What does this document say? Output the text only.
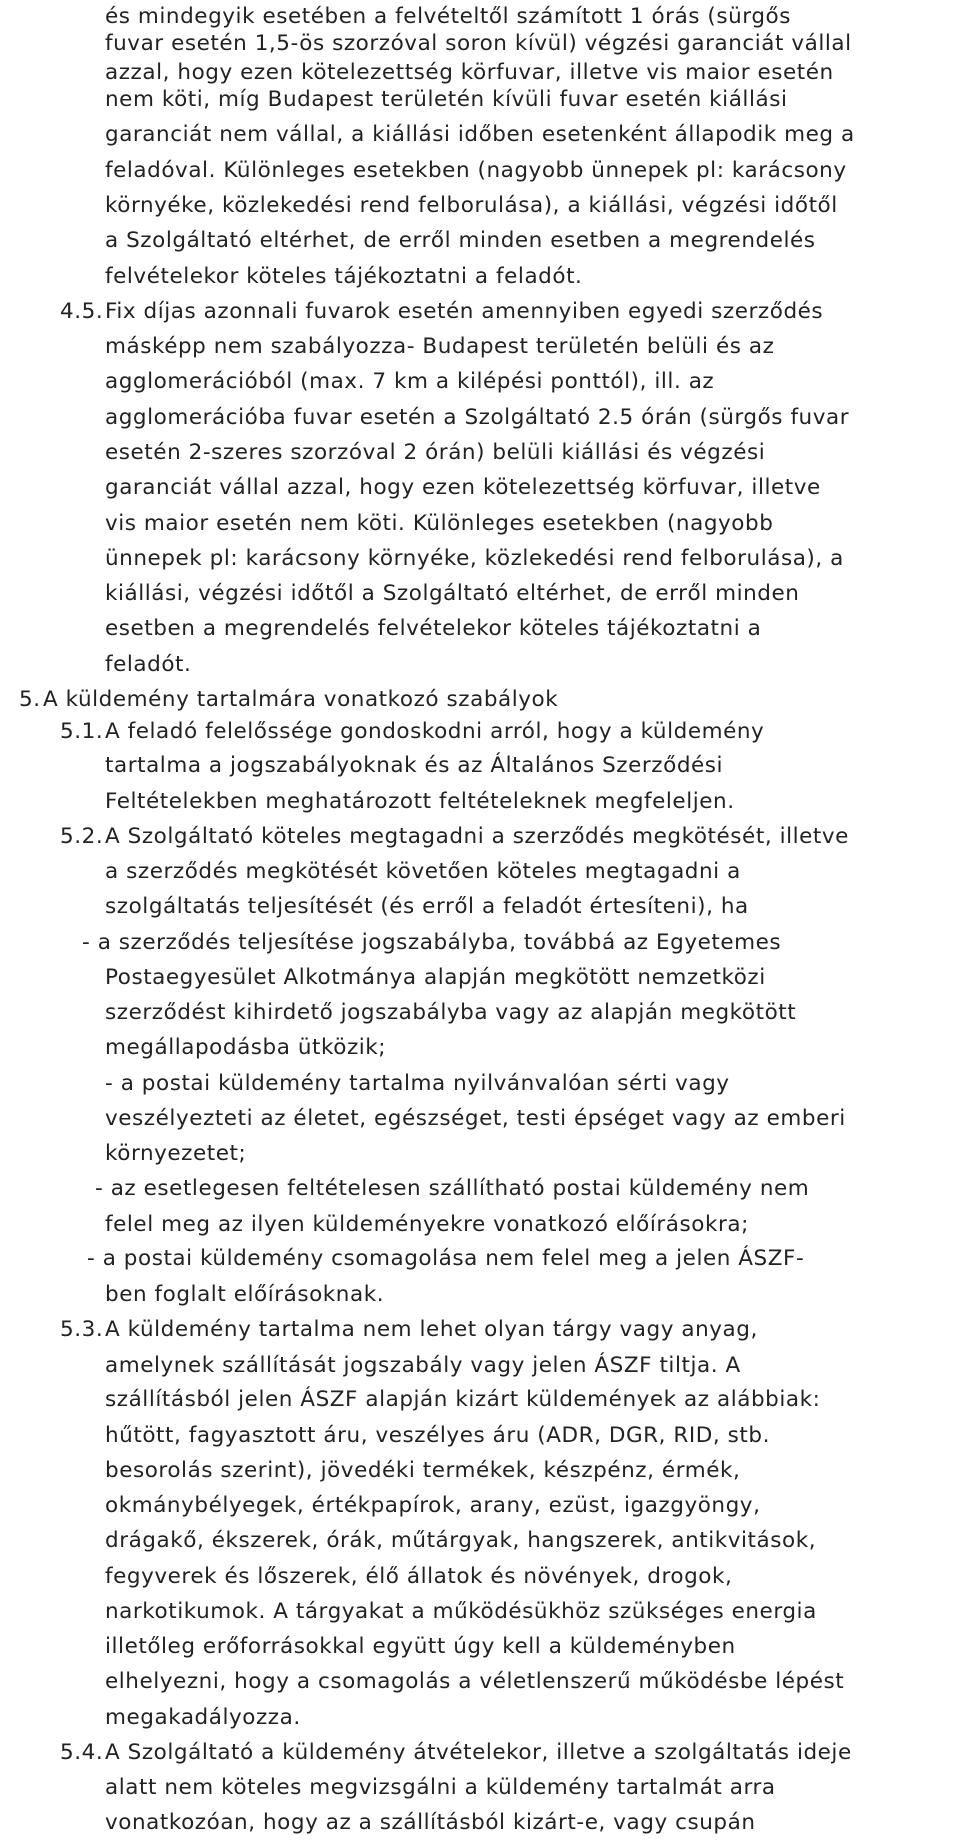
és mindegyik esetében a felvételtől számított 1 órás (sürgős
fuvar esetén 1,5-ös szorzóval soron kívül) végzési garanciát vállal
azzal, hogy ezen kötelezettség körfuvar, illetve vis maior esetén
nem köti, míg Budapest területén kívüli fuvar esetén kiállási
garanciát nem vállal, a kiállási időben esetenként állapodik meg a
feladóval. Különleges esetekben (nagyobb ünnepek pl: karácsony
környéke, közlekedési rend felborulása), a kiállási, végzési időtől
a Szolgáltató eltérhet, de erről minden esetben a megrendelés
felvételekor köteles tájékoztatni a feladót.
4.5. Fix díjas azonnali fuvarok esetén amennyiben egyedi szerződés
másképp nem szabályozza- Budapest területén belüli és az
agglomerációból (max. 7 km a kilépési ponttól), ill. az
agglomerációba fuvar esetén a Szolgáltató 2.5 órán (sürgős fuvar
esetén 2-szeres szorzóval 2 órán) belüli kiállási és végzési
garanciát vállal azzal, hogy ezen kötelezettség körfuvar, illetve
vis maior esetén nem köti. Különleges esetekben (nagyobb
ünnepek pl: karácsony környéke, közlekedési rend felborulása), a
kiállási, végzési időtől a Szolgáltató eltérhet, de erről minden
esetben a megrendelés felvételekor köteles tájékoztatni a
feladót.
5. A küldemény tartalmára vonatkozó szabályok
5.1. A feladó felelőssége gondoskodni arról, hogy a küldemény
tartalma a jogszabályoknak és az Általános Szerződési
Feltételekben meghatározott feltételeknek megfeleljen.
5.2. A Szolgáltató köteles megtagadni a szerződés megkötését, illetve
a szerződés megkötését követően köteles megtagadni a
szolgáltatás teljesítését (és erről a feladót értesíteni), ha
- a szerződés teljesítése jogszabályba, továbbá az Egyetemes
Postaegyesület Alkotmánya alapján megkötött nemzetközi
szerződést kihirdető jogszabályba vagy az alapján megkötött
megállapodásba ütközik;
- a postai küldemény tartalma nyilvánvalóan sérti vagy
veszélyezteti az életet, egészséget, testi épséget vagy az emberi
környezetet;
- az esetlegesen feltételesen szállítható postai küldemény nem
felel meg az ilyen küldeményekre vonatkozó előírásokra;
- a postai küldemény csomagolása nem felel meg a jelen ÁSZF-
ben foglalt előírásoknak.
5.3. A küldemény tartalma nem lehet olyan tárgy vagy anyag,
amelynek szállítását jogszabály vagy jelen ÁSZF tiltja. A
szállításból jelen ÁSZF alapján kizárt küldemények az alábbiak:
hűtött, fagyasztott áru, veszélyes áru (ADR, DGR, RID, stb.
besorolás szerint), jövedéki termékek, készpénz, érmék,
okmánybélyegek, értékpapírok, arany, ezüst, igazgyöngy,
drágakő, ékszerek, órák, műtárgyak, hangszerek, antikvitások,
fegyverek és lőszerek, élő állatok és növények, drogok,
narkotikumok. A tárgyakat a működésükhöz szükséges energia
illetőleg erőforrásokkal együtt úgy kell a küldeményben
elhelyezni, hogy a csomagolás a véletlenszerű működésbe lépést
megakadályozza.
5.4. A Szolgáltató a küldemény átvételekor, illetve a szolgáltatás ideje
alatt nem köteles megvizsgálni a küldemény tartalmát arra
vonatkozóan, hogy az a szállításból kizárt-e, vagy csupán
